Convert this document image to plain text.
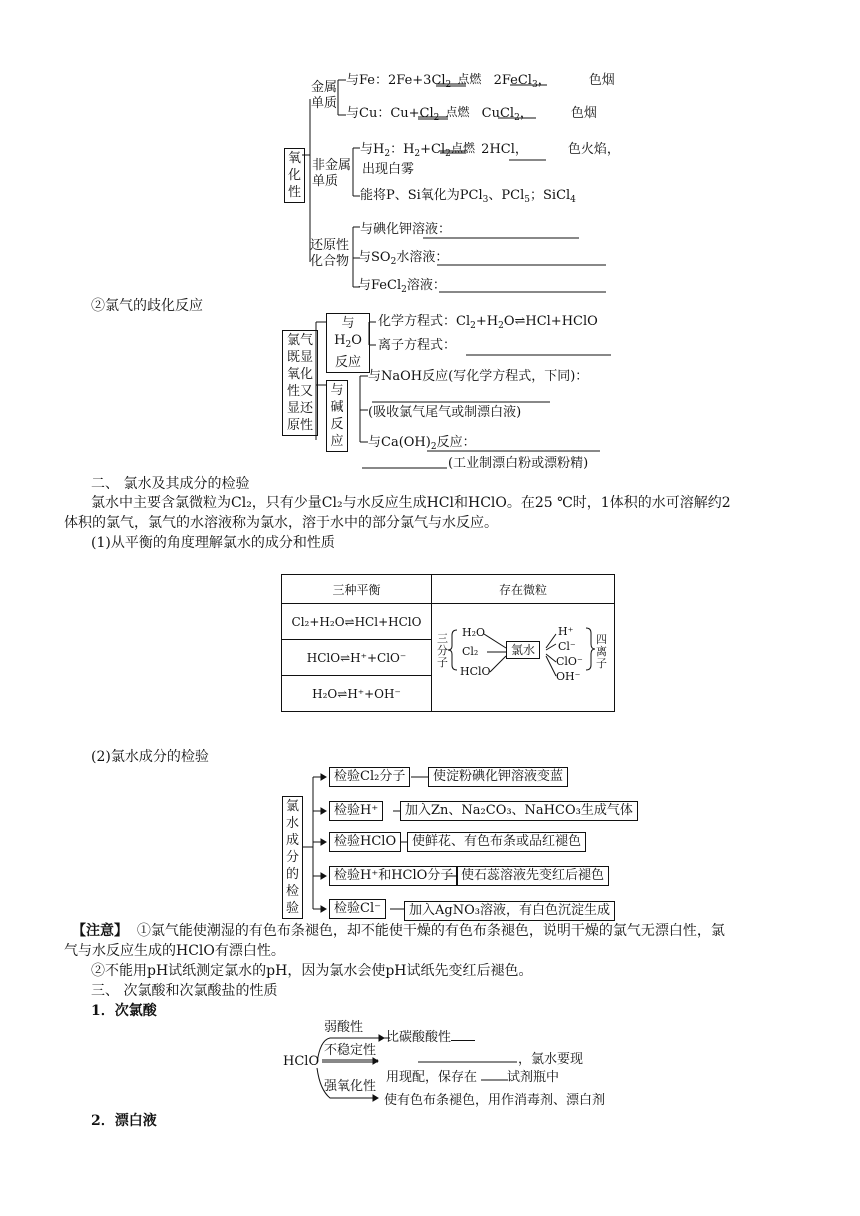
氧化性
金属单质
与Fe：$2Fe+3Cl_2$ 点燃 2FeCl$_3$，	色烟
与Cu：$Cu+Cl_2$ 点燃 CuCl$_2$，	色烟
非金属单质
与$H_2$：$H_2+Cl_2$ 点燃 2HCl，	色火焰，
出现白雾
能将P、Si氧化为PCl$_3$、PCl$_5$；SiCl$_4$
还原性化合物
与碘化钾溶液：
与$SO_2$水溶液：
与FeCl$_2$溶液：
②氯气的歧化反应
氯气既显氧化性又显还原性
与$H_2O$反应
化学方程式：$Cl_2+H_2O\rightleftharpoons HCl+HClO$
离子方程式：
与碱反应
与NaOH反应(写化学方程式，下同)：
(吸收氯气尾气或制漂白液)
与$Ca(OH)_2$反应：
(工业制漂白粉或漂粉精)
二、 氯水及其成分的检验
氯水中主要含氯微粒为Cl₂，只有少量Cl₂与水反应生成HCl和HClO。在25 ℃时，1体积的水可溶解约2
体积的氯气，氯气的水溶液称为氯水，溶于水中的部分氯气与水反应。
(1)从平衡的角度理解氯水的成分和性质
三种平衡	存在微粒
Cl₂+H₂O⇌HCl+HClO	
HClO⇌H⁺+ClO⁻	
H₂O⇌H⁺+OH⁻	
三分子
H₂O
Cl₂
HClO
氯水
H⁺
Cl⁻
ClO⁻
OH⁻
四离子
(2)氯水成分的检验
氯水成分的检验
检验Cl₂分子	使淀粉碘化钾溶液变蓝
检验H⁺	加入Zn、Na₂CO₃、NaHCO₃生成气体
检验HClO	使鲜花、有色布条或品红褪色
检验H⁺和HClO分子 使石蕊溶液先变红后褪色
检验Cl⁻	加入AgNO₃溶液，有白色沉淀生成
【注意】 ①氯气能使潮湿的有色布条褪色，却不能使干燥的有色布条褪色，说明干燥的氯气无漂白性，氯
气与水反应生成的HClO有漂白性。
②不能用pH试纸测定氯水的pH，因为氯水会使pH试纸先变红后褪色。
三、 次氯酸和次氯酸盐的性质
1．次氯酸
HClO
弱酸性
比碳酸酸性
不稳定性
，氯水要现
用现配，保存在 试剂瓶中
强氧化性
使有色布条褪色，用作消毒剂、漂白剂
2．漂白液
